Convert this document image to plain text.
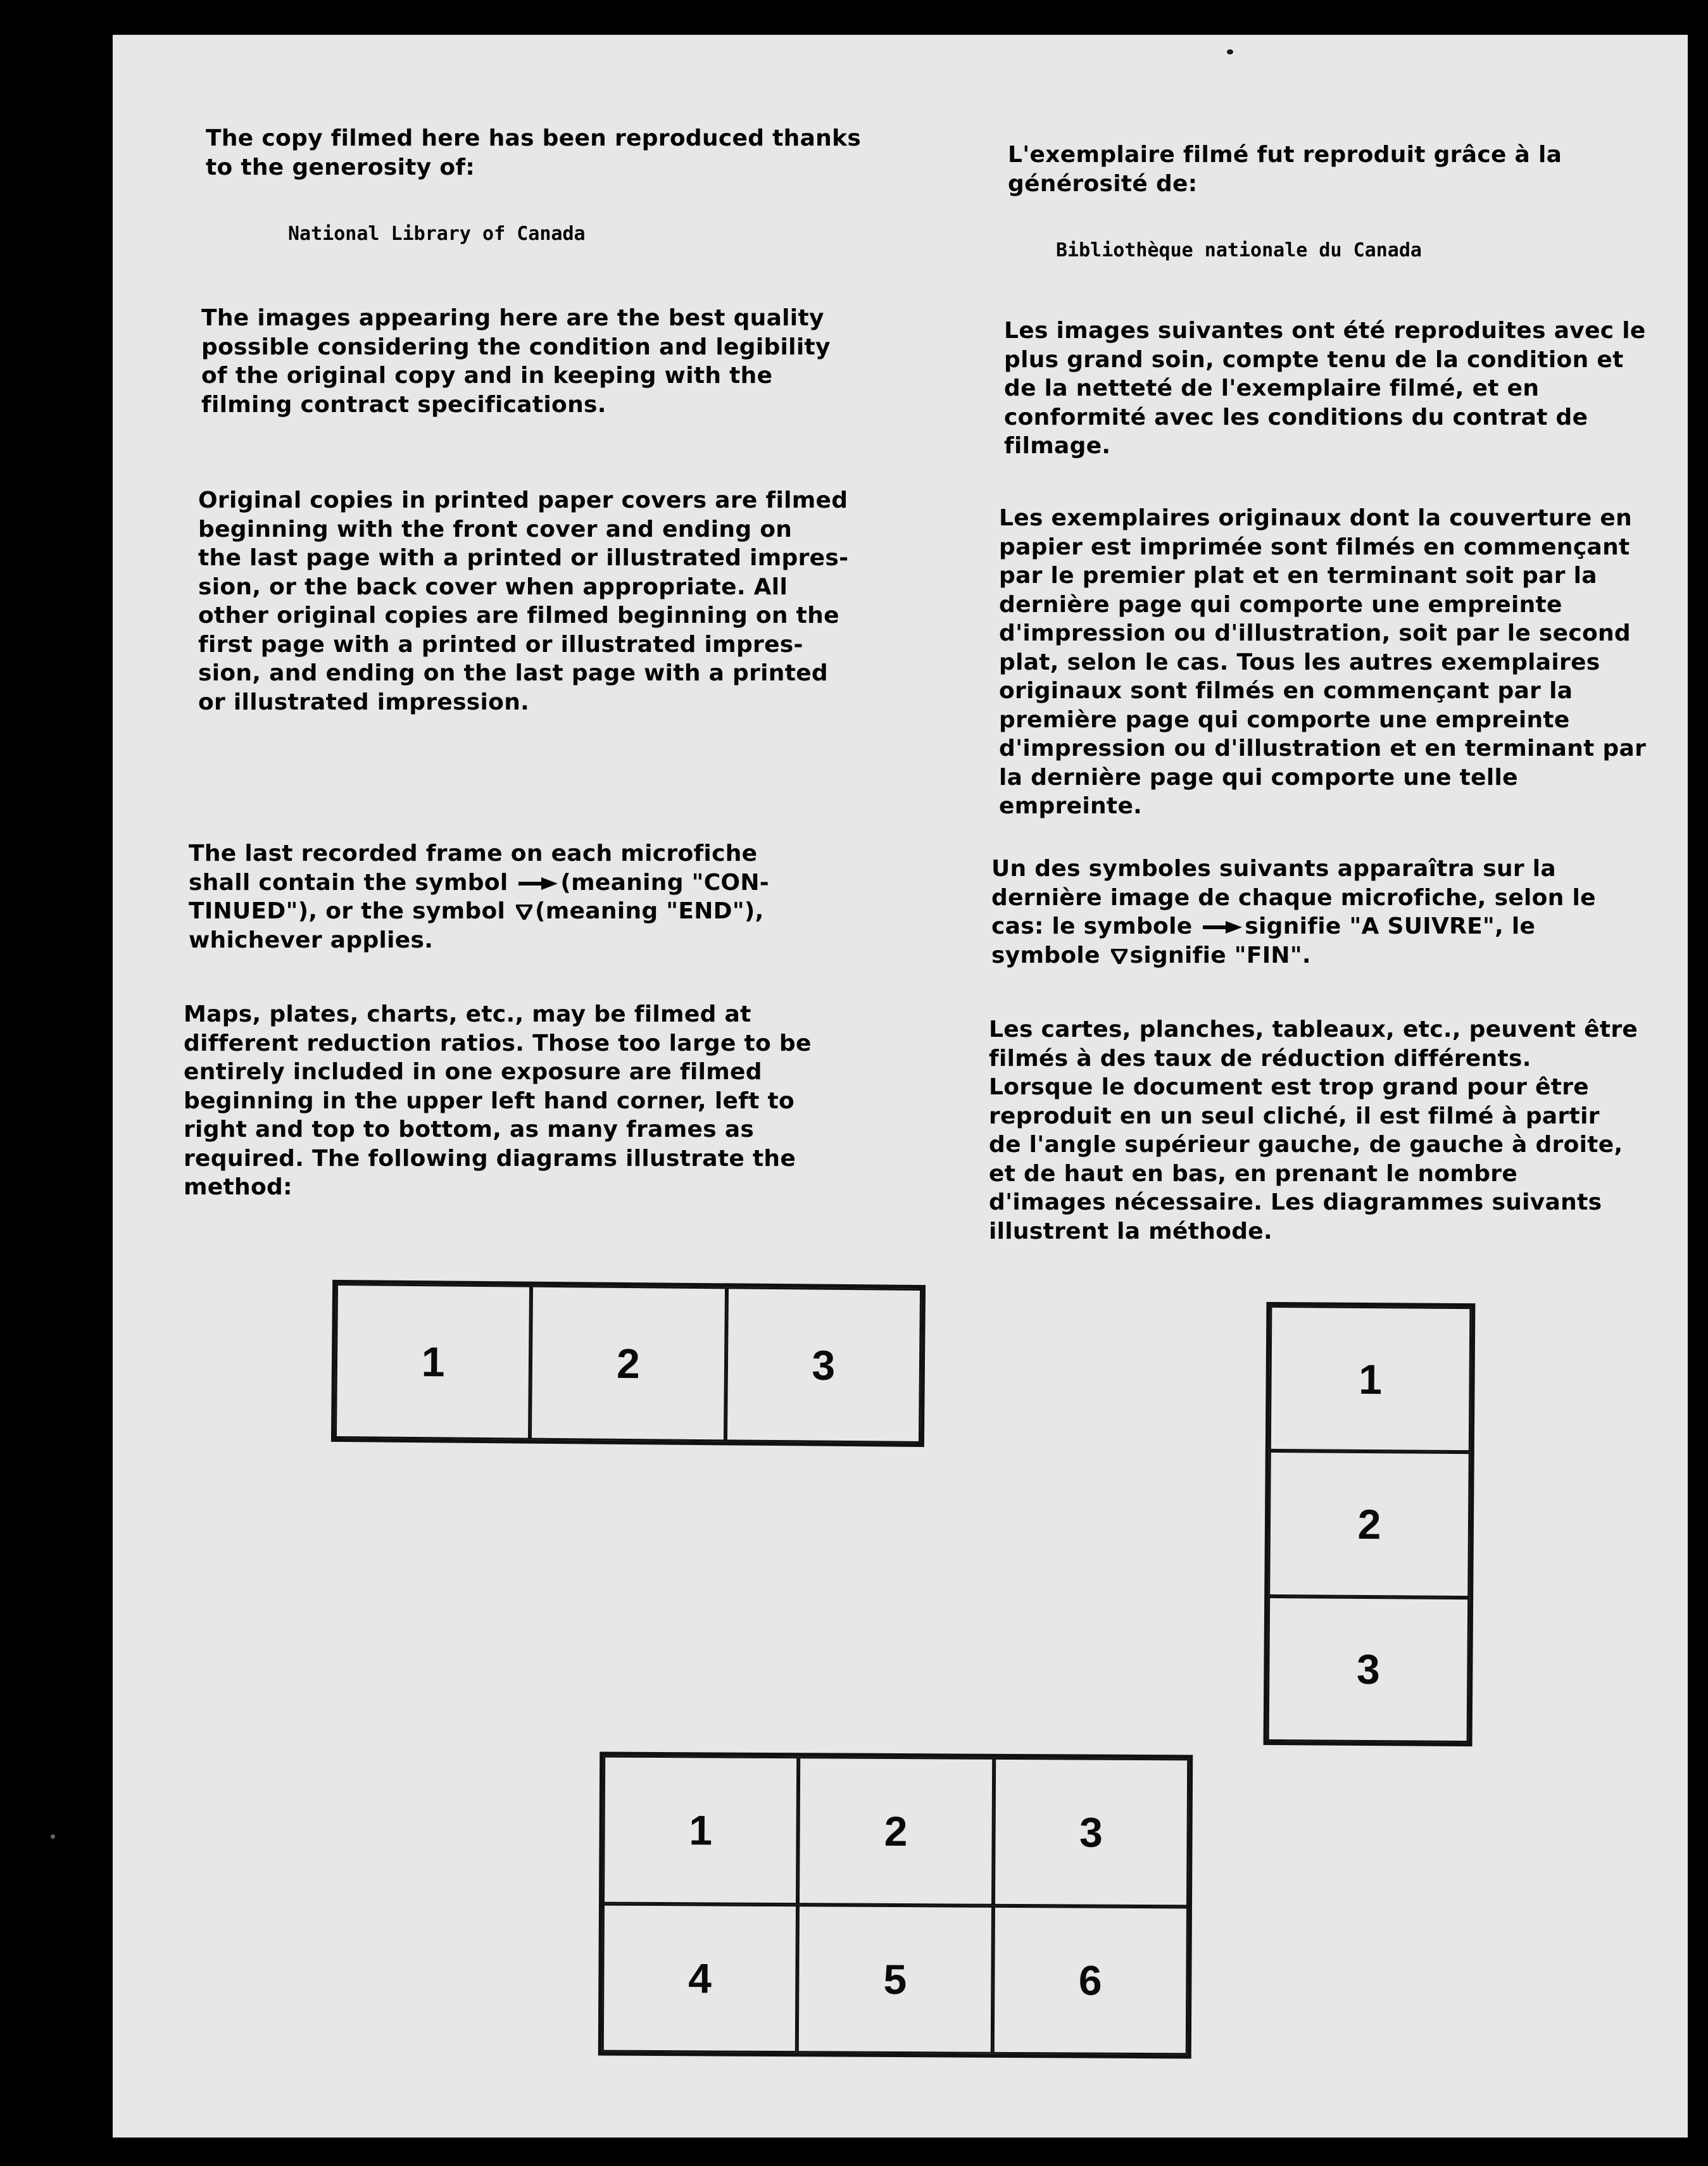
The copy filmed here has been reproduced thanks
to the generosity of:

National Library of Canada

The images appearing here are the best quality
possible considering the condition and legibility
of the original copy and in keeping with the
filming contract specifications.

Original copies in printed paper covers are filmed
beginning with the front cover and ending on
the last page with a printed or illustrated impres-
sion, or the back cover when appropriate. All
other original copies are filmed beginning on the
first page with a printed or illustrated impres-
sion, and ending on the last page with a printed
or illustrated impression.

The last recorded frame on each microfiche
shall contain the symbol (meaning "CON-
TINUED"), or the symbol (meaning "END"),
whichever applies.

Maps, plates, charts, etc., may be filmed at
different reduction ratios. Those too large to be
entirely included in one exposure are filmed
beginning in the upper left hand corner, left to
right and top to bottom, as many frames as
required. The following diagrams illustrate the
method:

L'exemplaire filmé fut reproduit grâce à la
générosité de:

Bibliothèque nationale du Canada

Les images suivantes ont été reproduites avec le
plus grand soin, compte tenu de la condition et
de la netteté de l'exemplaire filmé, et en
conformité avec les conditions du contrat de
filmage.

Les exemplaires originaux dont la couverture en
papier est imprimée sont filmés en commençant
par le premier plat et en terminant soit par la
dernière page qui comporte une empreinte
d'impression ou d'illustration, soit par le second
plat, selon le cas. Tous les autres exemplaires
originaux sont filmés en commençant par la
première page qui comporte une empreinte
d'impression ou d'illustration et en terminant par
la dernière page qui comporte une telle
empreinte.

Un des symboles suivants apparaîtra sur la
dernière image de chaque microfiche, selon le
cas: le symbole signifie "A SUIVRE", le
symbole signifie "FIN".

Les cartes, planches, tableaux, etc., peuvent être
filmés à des taux de réduction différents.
Lorsque le document est trop grand pour être
reproduit en un seul cliché, il est filmé à partir
de l'angle supérieur gauche, de gauche à droite,
et de haut en bas, en prenant le nombre
d'images nécessaire. Les diagrammes suivants
illustrent la méthode.

1	2	3	1
2
3
1	2	3
4	5	6
